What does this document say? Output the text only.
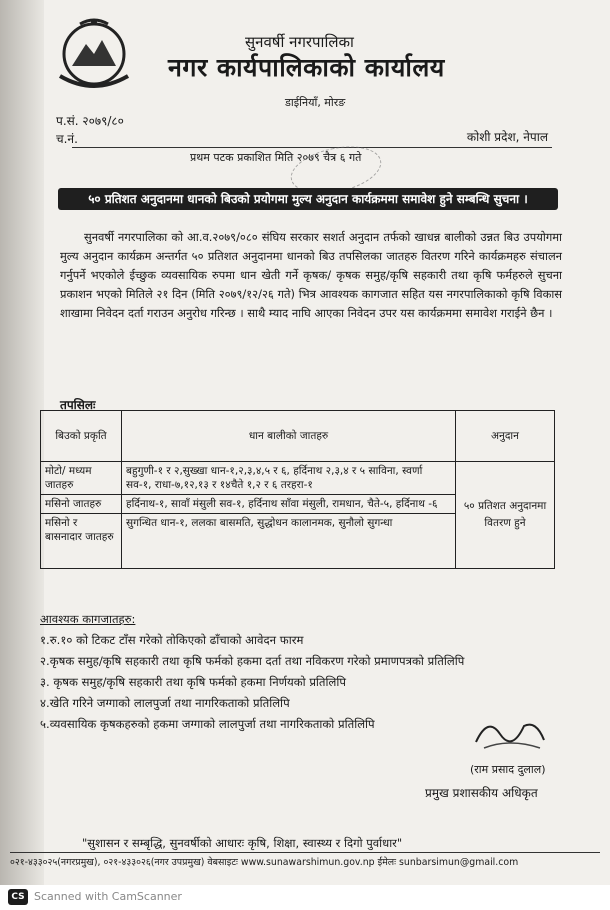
सुनवर्षी नगरपालिका
नगर कार्यपालिकाको कार्यालय
डाईनियाँ, मोरङ
प.सं. २०७९/८०
च.नं.	कोशी प्रदेश, नेपाल
प्रथम पटक प्रकाशित मिति २०७९ चैत्र ६ गते
५० प्रतिशत अनुदानमा धानको बिउको प्रयोगमा मुल्य अनुदान कार्यक्रममा समावेश हुने सम्बन्धि सुचना ।
सुनवर्षी नगरपालिका को आ.व.२०७९/०८० संघिय सरकार सशर्त अनुदान तर्फको खाधन्न बालीको उन्नत बिउ उपयोगमा मुल्य अनुदान कार्यक्रम अन्तर्गत ५० प्रतिशत अनुदानमा धानको बिउ तपसिलका जातहरु वितरण गरिने कार्यक्रमहरु संचालन गर्नुपर्ने भएकोले ईच्छुक व्यवसायिक रुपमा धान खेती गर्ने कृषक/ कृषक समुह/कृषि सहकारी तथा कृषि फर्महरुले सुचना प्रकाशन भएको मितिले २१ दिन (मिति २०७९/१२/२६ गते) भित्र आवश्यक कागजात सहित यस नगरपालिकाको कृषि विकास शाखामा निवेदन दर्ता गराउन अनुरोध गरिन्छ । साथै म्याद नाघि आएका निवेदन उपर यस कार्यक्रममा समावेश गराईने छैन ।
तपसिलः
बिउको प्रकृति	धान बालीको जातहरु	अनुदान
मोटो/ मध्यम जातहरु	बहुगुणी-१ र २,सुख्खा धान-१,२,३,४,५ र ६, हर्दिनाथ २,३,४ र ५ साविना, स्वर्णा सव-१, राधा-७,१२,१३ र १४चैते १,२ र ६ तरहरा-१	५० प्रतिशत अनुदानमा वितरण हुने
मसिनो जातहरु	हर्दिनाथ-१, सावाँ मंसुली सव-१, हर्दिनाथ साँवा मंसुली, रामधान, चैते-५, हर्दिनाथ -६	
मसिनो र बासनादार जातहरु	सुगन्धित धान-१, ललका बासमति, सुद्धोधन कालानमक, सुनौलो सुगन्धा	
आवश्यक कागजातहरु:
१.रु.१० को टिकट टाँस गरेको तोकिएको ढाँचाको आवेदन फारम
२.कृषक समुह/कृषि सहकारी तथा कृषि फर्मको हकमा दर्ता तथा नविकरण गरेको प्रमाणपत्रको प्रतिलिपि
३. कृषक समुह/कृषि सहकारी तथा कृषि फर्मको हकमा निर्णयको प्रतिलिपि
४.खेति गरिने जग्गाको लालपुर्जा तथा नागरिकताको प्रतिलिपि
५.व्यवसायिक कृषकहरुको हकमा जग्गाको लालपुर्जा तथा नागरिकताको प्रतिलिपि
(राम प्रसाद दुलाल)
प्रमुख प्रशासकीय अधिकृत
"सुशासन र सम्बृद्धि, सुनवर्षीको आधारः कृषि, शिक्षा, स्वास्थ्य र दिगो पुर्वाधार"
०२१-४३३०२५(नगरप्रमुख), ०२१-४३३०२६(नगर उपप्रमुख) वेबसाइटः www.sunawarshimun.gov.np ईमेलः sunbarsimun@gmail.com
CS Scanned with CamScanner
